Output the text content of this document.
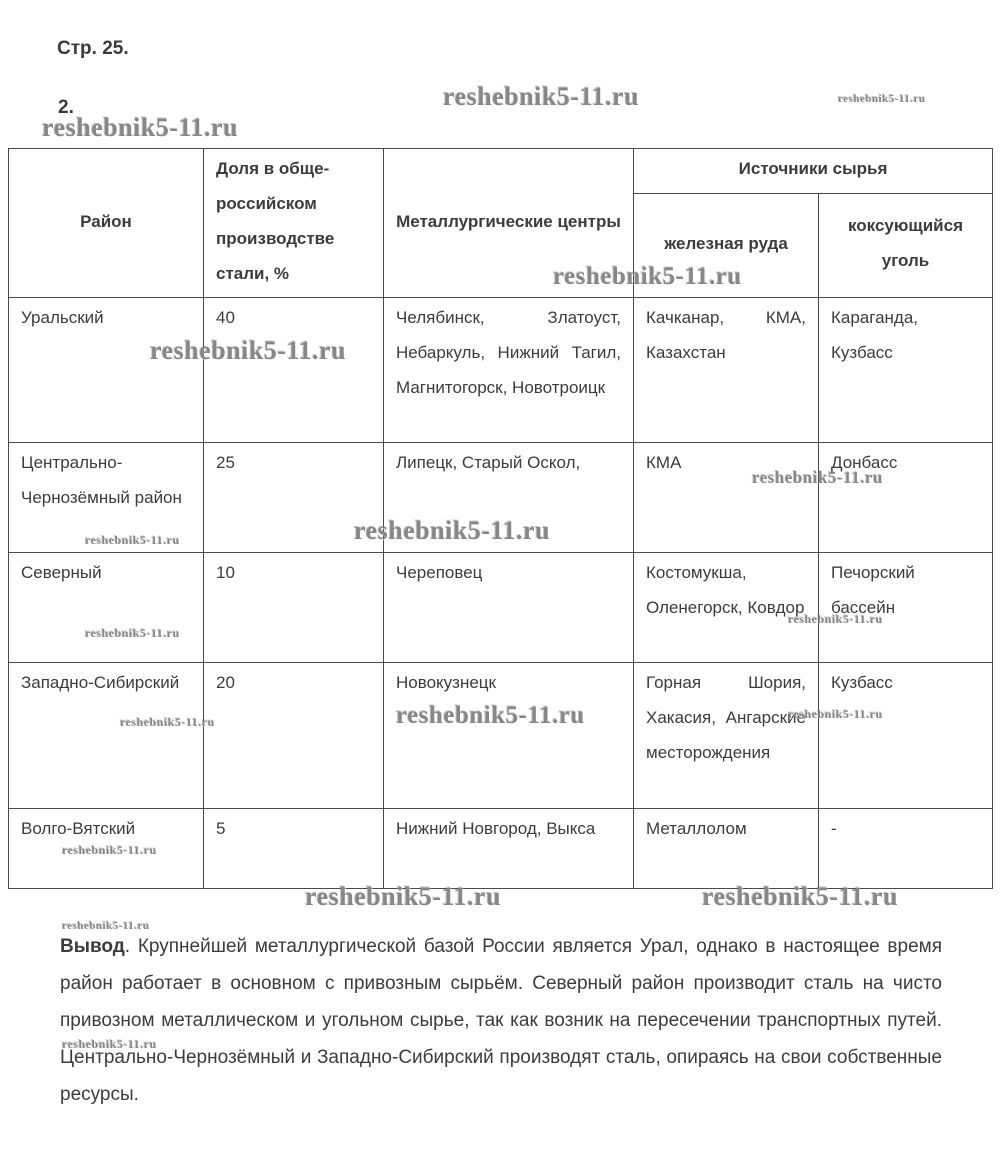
Стр. 25.
2.
Район	Доля в обще-российском производстве стали, %	Металлургические центры	Источники сырья	
			железная руда	коксующийся уголь
Уральский	40	Челябинск, Златоуст, Небаркуль, Нижний Тагил, Магнитогорск, Новотроицк	Качканар, КМА, Казахстан	Караганда, Кузбасс
Центрально-Чернозёмный район	25	Липецк, Старый Оскол,	КМА	Донбасс
Северный	10	Череповец	Костомукша, Оленегорск, Ковдор	Печорский бассейн
Западно-Сибирский	20	Новокузнецк	Горная Шория, Хакасия, Ангарские месторождения	Кузбасс
Волго-Вятский	5	Нижний Новгород, Выкса	Металлолом	-
reshebnik5-11.ru	reshebnik5-11.ru
reshebnik5-11.ru
reshebnik5-11.ru
reshebnik5-11.ru
reshebnik5-11.ru
reshebnik5-11.ru
reshebnik5-11.ru
reshebnik5-11.ru
reshebnik5-11.ru
reshebnik5-11.ru	reshebnik5-11.ru
reshebnik5-11.ru
reshebnik5-11.ru
reshebnik5-11.ru	reshebnik5-11.ru
reshebnik5-11.ru
reshebnik5-11.ru

Вывод. Крупнейшей металлургической базой России является Урал, однако в настоящее время район работает в основном с привозным сырьём. Северный район производит сталь на чисто привозном металлическом и угольном сырье, так как возник на пересечении транспортных путей. Центрально-Чернозёмный и Западно-Сибирский производят сталь, опираясь на свои собственные ресурсы.
